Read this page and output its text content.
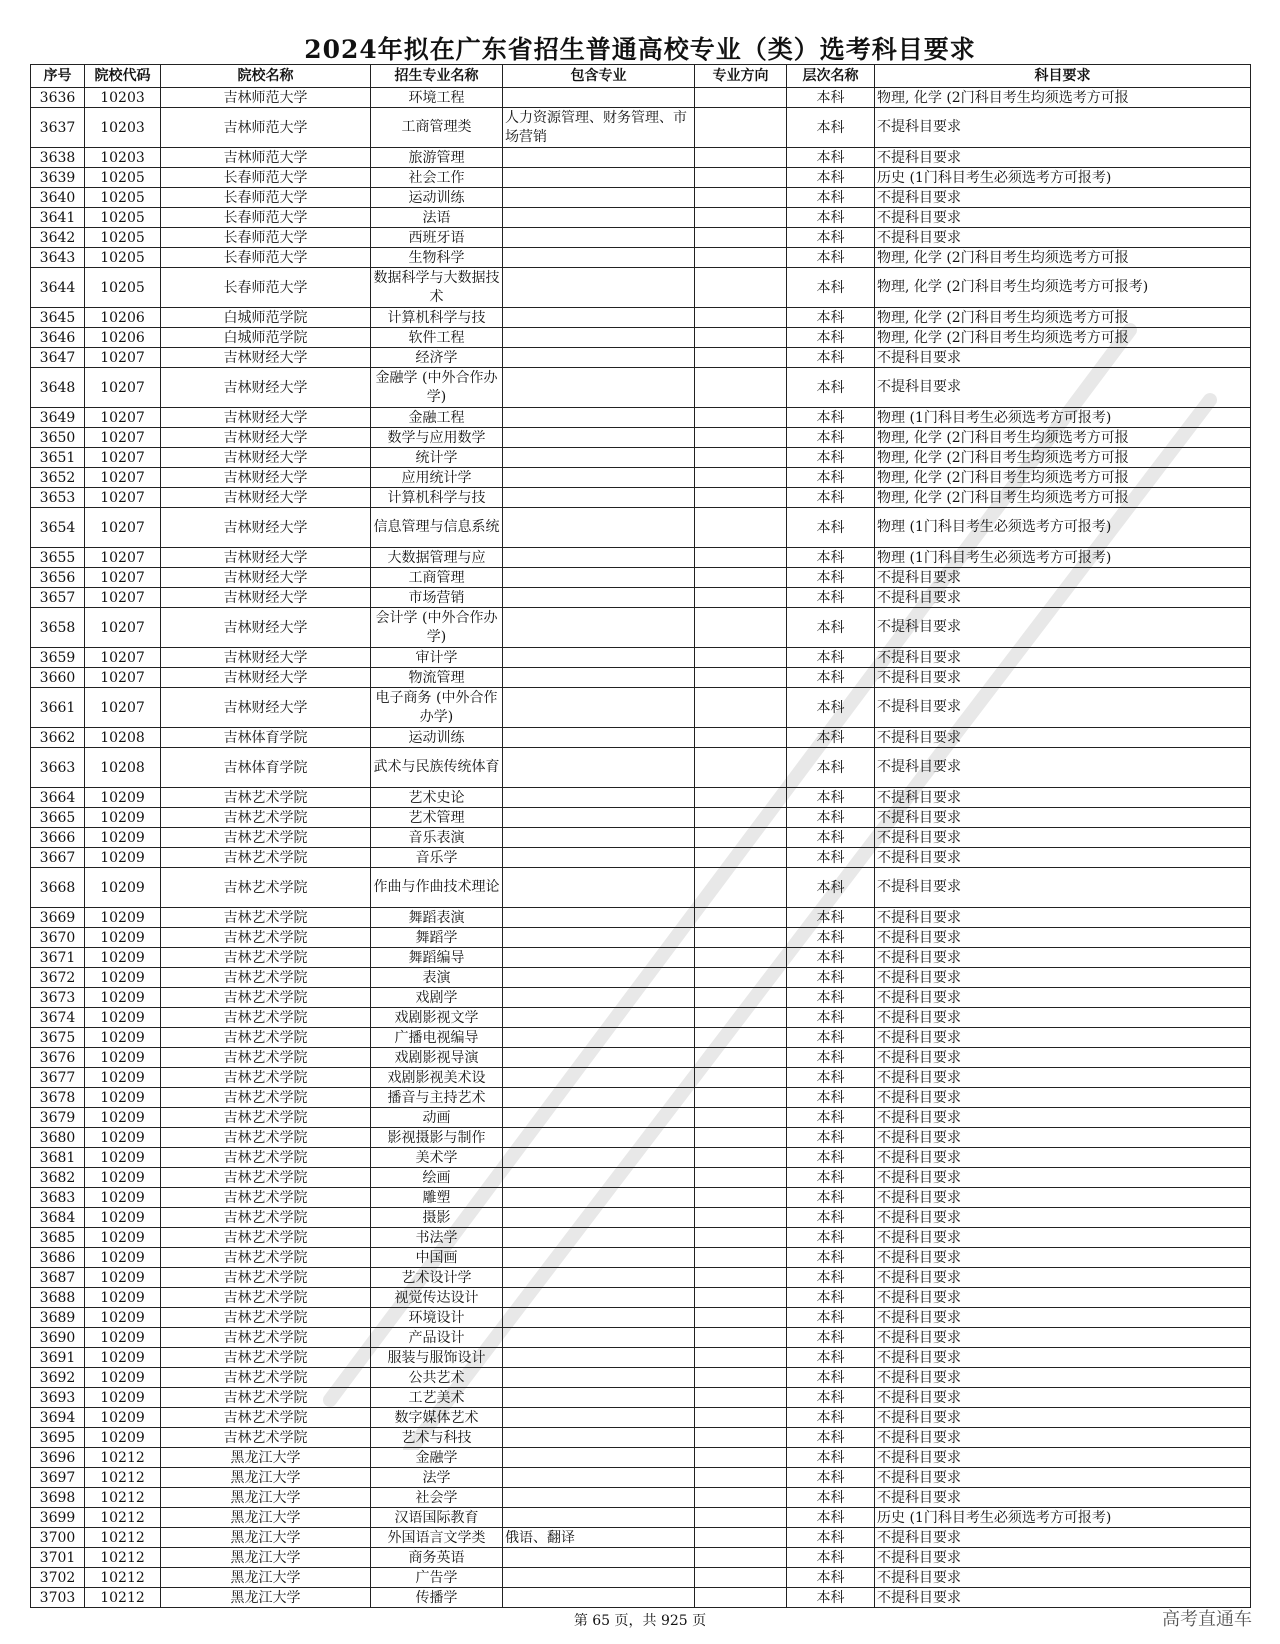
2024年拟在广东省招生普通高校专业（类）选考科目要求
序号	院校代码	院校名称	招生专业名称	包含专业	专业方向	层次名称	科目要求
3636	10203	吉林师范大学	环境工程			本科	物理, 化学 (2门科目考生均须选考方可报
3637	10203	吉林师范大学	工商管理类	人力资源管理、财务管理、市场营销		本科	不提科目要求
3638	10203	吉林师范大学	旅游管理			本科	不提科目要求
3639	10205	长春师范大学	社会工作			本科	历史 (1门科目考生必须选考方可报考)
3640	10205	长春师范大学	运动训练			本科	不提科目要求
3641	10205	长春师范大学	法语			本科	不提科目要求
3642	10205	长春师范大学	西班牙语			本科	不提科目要求
3643	10205	长春师范大学	生物科学			本科	物理, 化学 (2门科目考生均须选考方可报
3644	10205	长春师范大学	数据科学与大数据技术			本科	物理, 化学 (2门科目考生均须选考方可报考)
3645	10206	白城师范学院	计算机科学与技			本科	物理, 化学 (2门科目考生均须选考方可报
3646	10206	白城师范学院	软件工程			本科	物理, 化学 (2门科目考生均须选考方可报
3647	10207	吉林财经大学	经济学			本科	不提科目要求
3648	10207	吉林财经大学	金融学 (中外合作办学)			本科	不提科目要求
3649	10207	吉林财经大学	金融工程			本科	物理 (1门科目考生必须选考方可报考)
3650	10207	吉林财经大学	数学与应用数学			本科	物理, 化学 (2门科目考生均须选考方可报
3651	10207	吉林财经大学	统计学			本科	物理, 化学 (2门科目考生均须选考方可报
3652	10207	吉林财经大学	应用统计学			本科	物理, 化学 (2门科目考生均须选考方可报
3653	10207	吉林财经大学	计算机科学与技			本科	物理, 化学 (2门科目考生均须选考方可报
3654	10207	吉林财经大学	信息管理与信息系统			本科	物理 (1门科目考生必须选考方可报考)
3655	10207	吉林财经大学	大数据管理与应			本科	物理 (1门科目考生必须选考方可报考)
3656	10207	吉林财经大学	工商管理			本科	不提科目要求
3657	10207	吉林财经大学	市场营销			本科	不提科目要求
3658	10207	吉林财经大学	会计学 (中外合作办学)			本科	不提科目要求
3659	10207	吉林财经大学	审计学			本科	不提科目要求
3660	10207	吉林财经大学	物流管理			本科	不提科目要求
3661	10207	吉林财经大学	电子商务 (中外合作办学)			本科	不提科目要求
3662	10208	吉林体育学院	运动训练			本科	不提科目要求
3663	10208	吉林体育学院	武术与民族传统体育			本科	不提科目要求
3664	10209	吉林艺术学院	艺术史论			本科	不提科目要求
3665	10209	吉林艺术学院	艺术管理			本科	不提科目要求
3666	10209	吉林艺术学院	音乐表演			本科	不提科目要求
3667	10209	吉林艺术学院	音乐学			本科	不提科目要求
3668	10209	吉林艺术学院	作曲与作曲技术理论			本科	不提科目要求
3669	10209	吉林艺术学院	舞蹈表演			本科	不提科目要求
3670	10209	吉林艺术学院	舞蹈学			本科	不提科目要求
3671	10209	吉林艺术学院	舞蹈编导			本科	不提科目要求
3672	10209	吉林艺术学院	表演			本科	不提科目要求
3673	10209	吉林艺术学院	戏剧学			本科	不提科目要求
3674	10209	吉林艺术学院	戏剧影视文学			本科	不提科目要求
3675	10209	吉林艺术学院	广播电视编导			本科	不提科目要求
3676	10209	吉林艺术学院	戏剧影视导演			本科	不提科目要求
3677	10209	吉林艺术学院	戏剧影视美术设			本科	不提科目要求
3678	10209	吉林艺术学院	播音与主持艺术			本科	不提科目要求
3679	10209	吉林艺术学院	动画			本科	不提科目要求
3680	10209	吉林艺术学院	影视摄影与制作			本科	不提科目要求
3681	10209	吉林艺术学院	美术学			本科	不提科目要求
3682	10209	吉林艺术学院	绘画			本科	不提科目要求
3683	10209	吉林艺术学院	雕塑			本科	不提科目要求
3684	10209	吉林艺术学院	摄影			本科	不提科目要求
3685	10209	吉林艺术学院	书法学			本科	不提科目要求
3686	10209	吉林艺术学院	中国画			本科	不提科目要求
3687	10209	吉林艺术学院	艺术设计学			本科	不提科目要求
3688	10209	吉林艺术学院	视觉传达设计			本科	不提科目要求
3689	10209	吉林艺术学院	环境设计			本科	不提科目要求
3690	10209	吉林艺术学院	产品设计			本科	不提科目要求
3691	10209	吉林艺术学院	服装与服饰设计			本科	不提科目要求
3692	10209	吉林艺术学院	公共艺术			本科	不提科目要求
3693	10209	吉林艺术学院	工艺美术			本科	不提科目要求
3694	10209	吉林艺术学院	数字媒体艺术			本科	不提科目要求
3695	10209	吉林艺术学院	艺术与科技			本科	不提科目要求
3696	10212	黑龙江大学	金融学			本科	不提科目要求
3697	10212	黑龙江大学	法学			本科	不提科目要求
3698	10212	黑龙江大学	社会学			本科	不提科目要求
3699	10212	黑龙江大学	汉语国际教育			本科	历史 (1门科目考生必须选考方可报考)
3700	10212	黑龙江大学	外国语言文学类	俄语、翻译		本科	不提科目要求
3701	10212	黑龙江大学	商务英语			本科	不提科目要求
3702	10212	黑龙江大学	广告学			本科	不提科目要求
3703	10212	黑龙江大学	传播学			本科	不提科目要求
第 65 页，共 925 页	高考直通车
